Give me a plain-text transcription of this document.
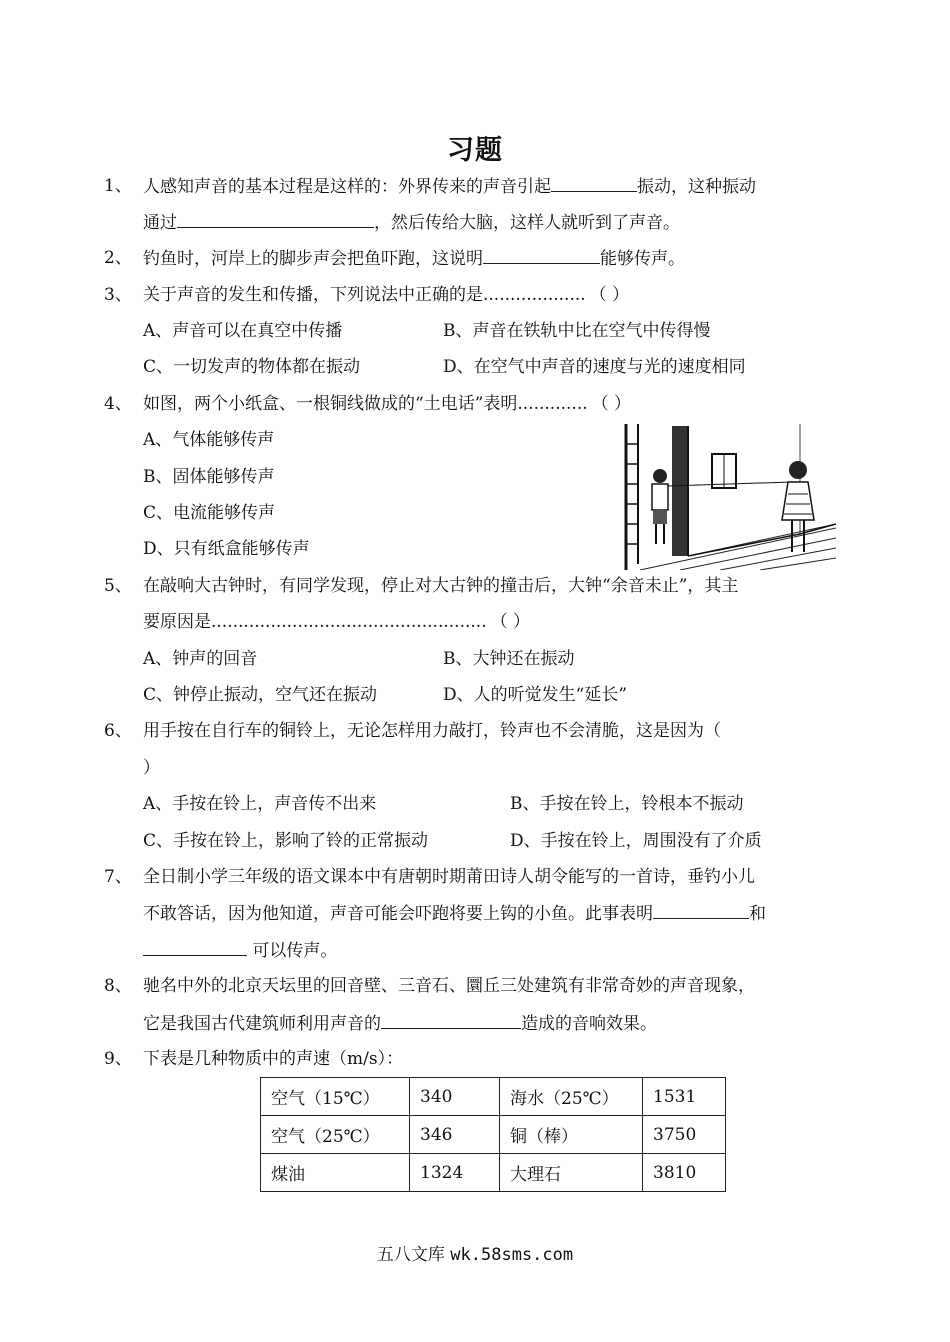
习题
1、 人感知声音的基本过程是这样的：外界传来的声音引起	振动，这种振动
通过	，然后传给大脑，这样人就听到了声音。
2、 钓鱼时，河岸上的脚步声会把鱼吓跑，这说明	能够传声。
3、 关于声音的发生和传播，下列说法中正确的是................... （ ）
A、声音可以在真空中传播	B、声音在铁轨中比在空气中传得慢
C、一切发声的物体都在振动	D、在空气中声音的速度与光的速度相同
4、 如图，两个小纸盒、一根铜线做成的“土电话”表明............. （ ）
A、气体能够传声
B、固体能够传声
C、电流能够传声
D、只有纸盒能够传声
5、 在敲响大古钟时，有同学发现，停止对大古钟的撞击后，大钟“余音未止”，其主
要原因是................................................... （ ）
A、钟声的回音	B、大钟还在振动
C、钟停止振动，空气还在振动	D、人的听觉发生“延长”
6、 用手按在自行车的铜铃上，无论怎样用力敲打，铃声也不会清脆，这是因为（
）
A、手按在铃上，声音传不出来	B、手按在铃上，铃根本不振动
C、手按在铃上，影响了铃的正常振动	D、手按在铃上，周围没有了介质
7、 全日制小学三年级的语文课本中有唐朝时期莆田诗人胡令能写的一首诗，垂钓小儿
不敢答话，因为他知道，声音可能会吓跑将要上钩的小鱼。此事表明	和
可以传声。
8、 驰名中外的北京天坛里的回音壁、三音石、圜丘三处建筑有非常奇妙的声音现象，
它是我国古代建筑师利用声音的	造成的音响效果。
9、 下表是几种物质中的声速（m/s）：
空气（15℃）	340	海水（25℃）	1531
空气（25℃）	346	铜（棒）	3750
煤油	1324	大理石	3810
五八文库 wk.58sms.com
